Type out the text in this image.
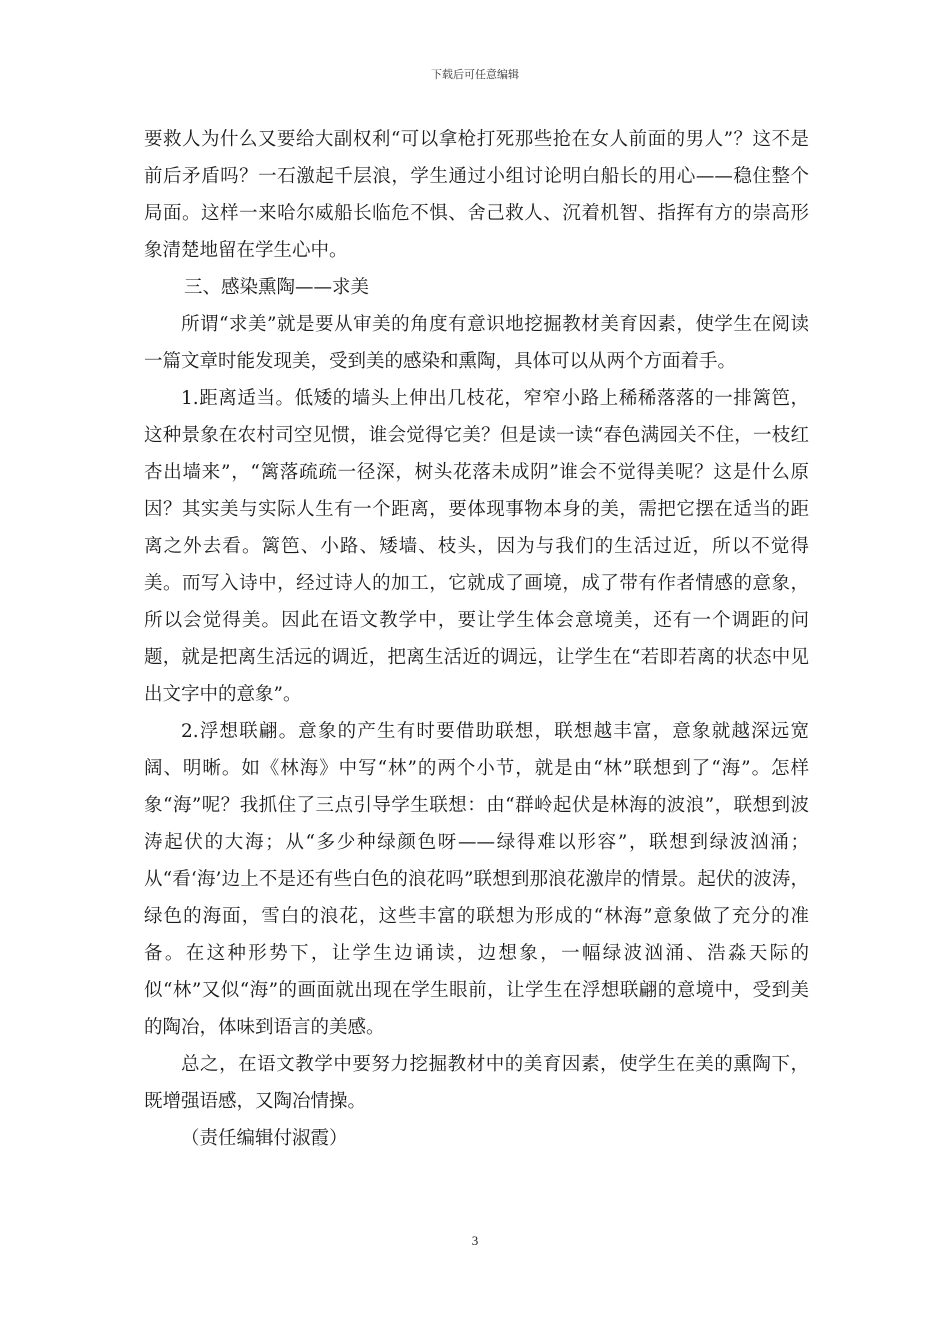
下载后可任意编辑

要救人为什么又要给大副权利“可以拿枪打死那些抢在女人前面的男人”？这不是前后矛盾吗？一石激起千层浪，学生通过小组讨论明白船长的用心——稳住整个局面。这样一来哈尔威船长临危不惧、舍己救人、沉着机智、指挥有方的崇高形象清楚地留在学生心中。

三、感染熏陶——求美

所谓“求美”就是要从审美的角度有意识地挖掘教材美育因素，使学生在阅读一篇文章时能发现美，受到美的感染和熏陶，具体可以从两个方面着手。

1.距离适当。低矮的墙头上伸出几枝花，窄窄小路上稀稀落落的一排篱笆，这种景象在农村司空见惯，谁会觉得它美？但是读一读“春色满园关不住，一枝红杏出墙来”，“篱落疏疏一径深，树头花落未成阴”谁会不觉得美呢？这是什么原因？其实美与实际人生有一个距离，要体现事物本身的美，需把它摆在适当的距离之外去看。篱笆、小路、矮墙、枝头，因为与我们的生活过近，所以不觉得美。而写入诗中，经过诗人的加工，它就成了画境，成了带有作者情感的意象，所以会觉得美。因此在语文教学中，要让学生体会意境美，还有一个调距的问题，就是把离生活远的调近，把离生活近的调远，让学生在“若即若离的状态中见出文字中的意象”。

2.浮想联翩。意象的产生有时要借助联想，联想越丰富，意象就越深远宽阔、明晰。如《林海》中写“林”的两个小节，就是由“林”联想到了“海”。怎样象“海”呢？我抓住了三点引导学生联想：由“群岭起伏是林海的波浪”，联想到波涛起伏的大海；从“多少种绿颜色呀——绿得难以形容”，联想到绿波汹涌；从“看‘海’边上不是还有些白色的浪花吗”联想到那浪花激岸的情景。起伏的波涛，绿色的海面，雪白的浪花，这些丰富的联想为形成的“林海”意象做了充分的准备。在这种形势下，让学生边诵读，边想象，一幅绿波汹涌、浩淼天际的似“林”又似“海”的画面就出现在学生眼前，让学生在浮想联翩的意境中，受到美的陶冶，体味到语言的美感。

总之，在语文教学中要努力挖掘教材中的美育因素，使学生在美的熏陶下，既增强语感，又陶冶情操。

（责任编辑付淑霞）

3
